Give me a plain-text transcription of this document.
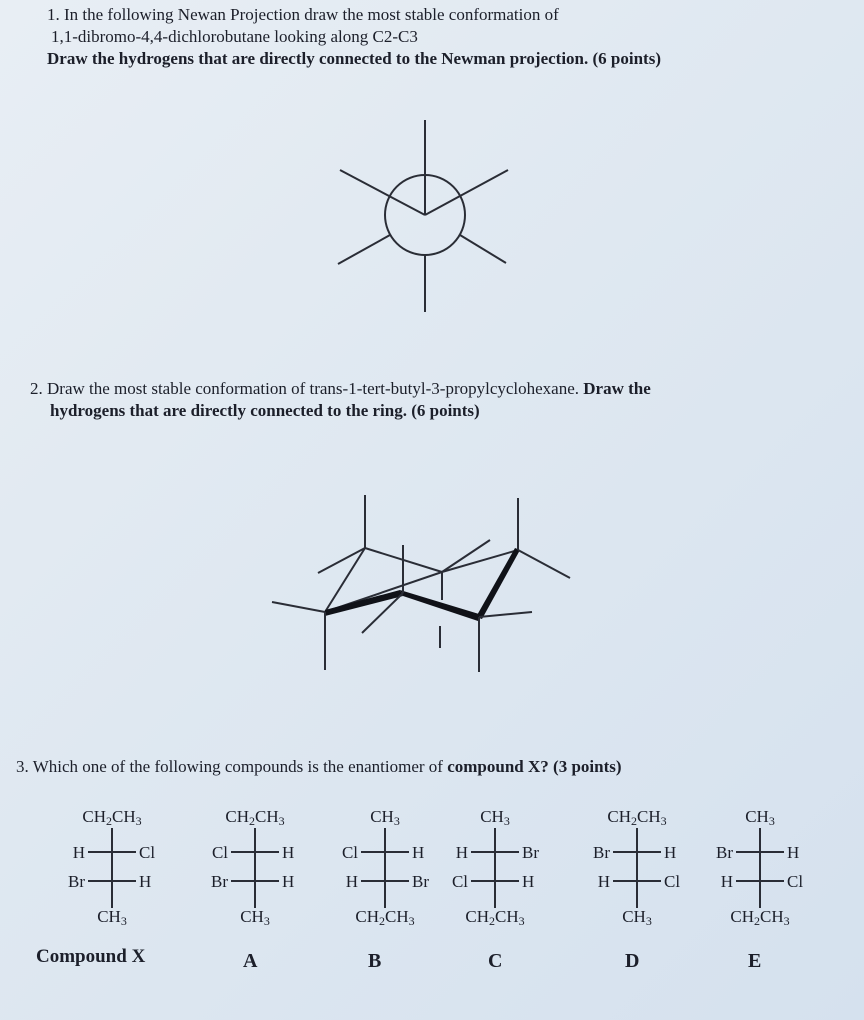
1. In the following Newan Projection draw the most stable conformation of
1,1-dibromo-4,4-dichlorobutane looking along C2-C3
Draw the hydrogens that are directly connected to the Newman projection. (6 points)
CH2CH3
H	Cl
Br	H
CH3
CH2CH3
Cl	H
Br	H
CH3
CH3
Cl	H
H	Br
CH2CH3
CH3
H	Br
Cl	H
CH2CH3
CH2CH3
Br	H
H	Cl
CH3
CH3
Br	H
H	Cl
CH2CH3
2. Draw the most stable conformation of trans-1-tert-butyl-3-propylcyclohexane. Draw the
hydrogens that are directly connected to the ring. (6 points)
3. Which one of the following compounds is the enantiomer of compound X? (3 points)
Compound X	A	B	C	D	E
